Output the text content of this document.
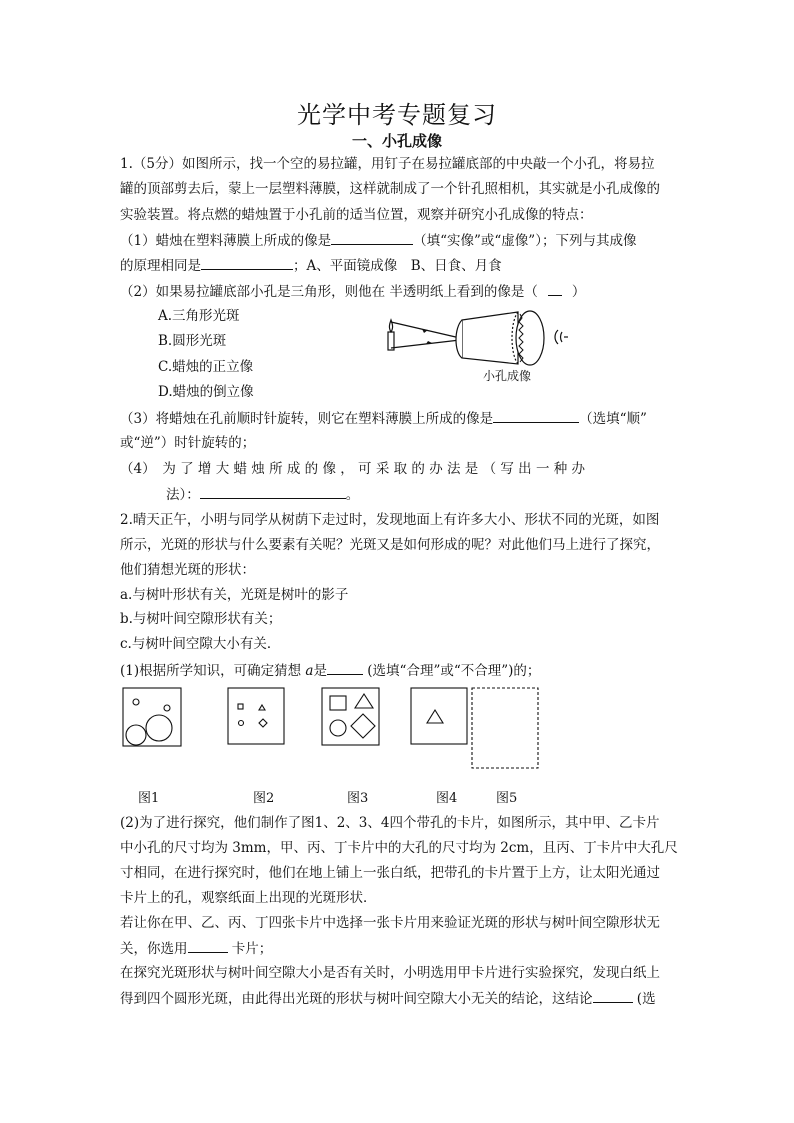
光学中考专题复习
一、小孔成像
1.（5分）如图所示，找一个空的易拉罐，用钉子在易拉罐底部的中央敲一个小孔，将易拉
罐的顶部剪去后，蒙上一层塑料薄膜，这样就制成了一个针孔照相机，其实就是小孔成像的
实验装置。将点燃的蜡烛置于小孔前的适当位置，观察并研究小孔成像的特点：
（1）蜡烛在塑料薄膜上所成的像是	（填“实像”或“虚像”）；下列与其成像
的原理相同是	；A、平面镜成像　B、日食、月食
（2）如果易拉罐底部小孔是三角形，则他在 半透明纸上看到的像是（	）
A.三角形光斑
B.圆形光斑
C.蜡烛的正立像
D.蜡烛的倒立像
小孔成像
（3）将蜡烛在孔前顺时针旋转，则它在塑料薄膜上所成的像是	（选填“顺”
或“逆”）时针旋转的；
（4）　为 了 增 大 蜡 烛 所 成 的 像 ， 可 采 取 的 办 法 是 （ 写 出 一 种 办
法）：	。
2.晴天正午，小明与同学从树荫下走过时，发现地面上有许多大小、形状不同的光斑，如图
所示，光斑的形状与什么要素有关呢？光斑又是如何形成的呢？对此他们马上进行了探究，
他们猜想光斑的形状：
a.与树叶形状有关，光斑是树叶的影子
b.与树叶间空隙形状有关；
c.与树叶间空隙大小有关．
(1)根据所学知识，可确定猜想 a是	(选填“合理”或“不合理”)的；
图1	图2	图3	图4	图5
(2)为了进行探究，他们制作了图1、2、3、4四个带孔的卡片，如图所示，其中甲、乙卡片
中小孔的尺寸均为 3mm，甲、丙、丁卡片中的大孔的尺寸均为 2cm，且丙、丁卡片中大孔尺
寸相同，在进行探究时，他们在地上铺上一张白纸，把带孔的卡片置于上方，让太阳光通过
卡片上的孔，观察纸面上出现的光斑形状．
若让你在甲、乙、丙、丁四张卡片中选择一张卡片用来验证光斑的形状与树叶间空隙形状无
关，你选用	卡片；
在探究光斑形状与树叶间空隙大小是否有关时，小明选用甲卡片进行实验探究，发现白纸上
得到四个圆形光斑，由此得出光斑的形状与树叶间空隙大小无关的结论，这结论	(选
